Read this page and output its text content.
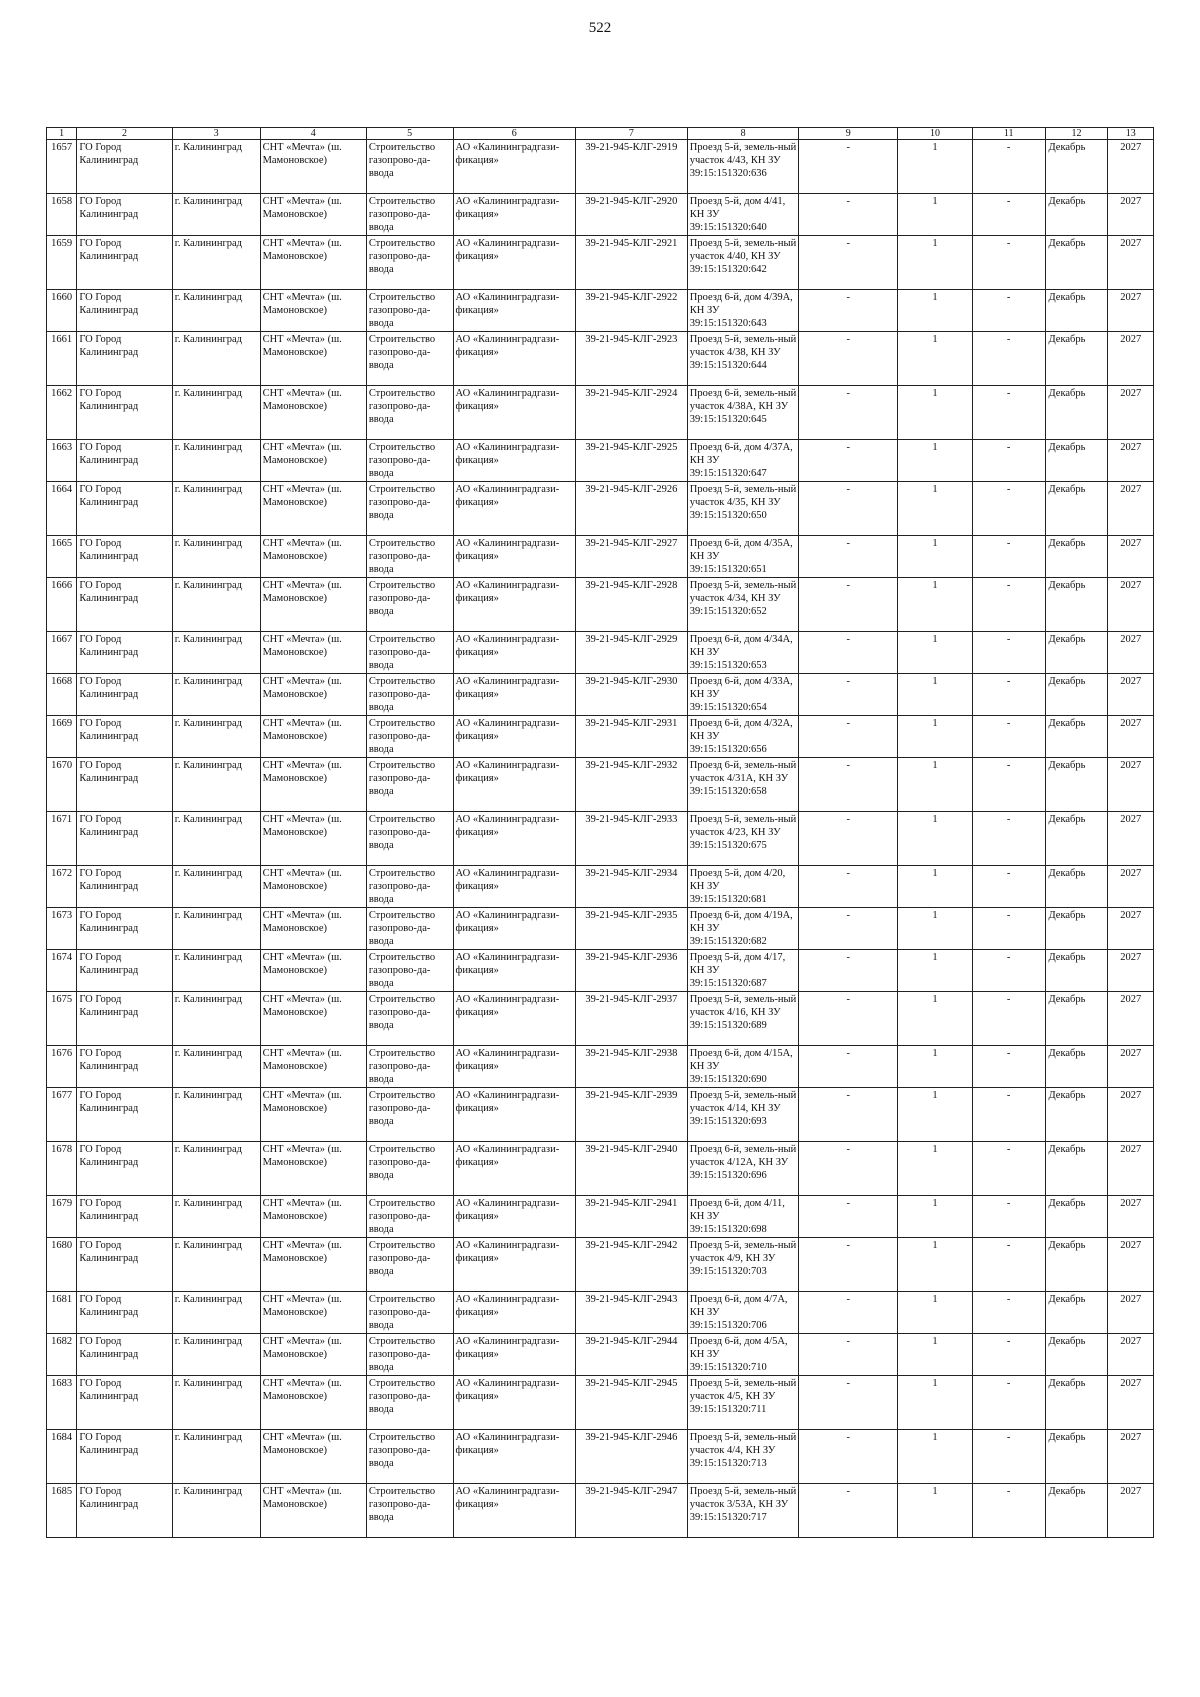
522
1	2	3	4	5	6	7	8	9	10	11	12	13
1657	ГО Город Калининград	г. Калининград	СНТ «Мечта» (ш. Мамоновское)	Строительство газопрово-да-ввода	АО «Калининградгази-фикация»	39-21-945-КЛГ-2919	Проезд 5-й, земель-ный участок 4/43, КН ЗУ 39:15:151320:636	-	1	-	Декабрь	2027
1658	ГО Город Калининград	г. Калининград	СНТ «Мечта» (ш. Мамоновское)	Строительство газопрово-да-ввода	АО «Калининградгази-фикация»	39-21-945-КЛГ-2920	Проезд 5-й, дом 4/41, КН ЗУ 39:15:151320:640	-	1	-	Декабрь	2027
1659	ГО Город Калининград	г. Калининград	СНТ «Мечта» (ш. Мамоновское)	Строительство газопрово-да-ввода	АО «Калининградгази-фикация»	39-21-945-КЛГ-2921	Проезд 5-й, земель-ный участок 4/40, КН ЗУ 39:15:151320:642	-	1	-	Декабрь	2027
1660	ГО Город Калининград	г. Калининград	СНТ «Мечта» (ш. Мамоновское)	Строительство газопрово-да-ввода	АО «Калининградгази-фикация»	39-21-945-КЛГ-2922	Проезд 6-й, дом 4/39А, КН ЗУ 39:15:151320:643	-	1	-	Декабрь	2027
1661	ГО Город Калининград	г. Калининград	СНТ «Мечта» (ш. Мамоновское)	Строительство газопрово-да-ввода	АО «Калининградгази-фикация»	39-21-945-КЛГ-2923	Проезд 5-й, земель-ный участок 4/38, КН ЗУ 39:15:151320:644	-	1	-	Декабрь	2027
1662	ГО Город Калининград	г. Калининград	СНТ «Мечта» (ш. Мамоновское)	Строительство газопрово-да-ввода	АО «Калининградгази-фикация»	39-21-945-КЛГ-2924	Проезд 6-й, земель-ный участок 4/38А, КН ЗУ 39:15:151320:645	-	1	-	Декабрь	2027
1663	ГО Город Калининград	г. Калининград	СНТ «Мечта» (ш. Мамоновское)	Строительство газопрово-да-ввода	АО «Калининградгази-фикация»	39-21-945-КЛГ-2925	Проезд 6-й, дом 4/37А, КН ЗУ 39:15:151320:647	-	1	-	Декабрь	2027
1664	ГО Город Калининград	г. Калининград	СНТ «Мечта» (ш. Мамоновское)	Строительство газопрово-да-ввода	АО «Калининградгази-фикация»	39-21-945-КЛГ-2926	Проезд 5-й, земель-ный участок 4/35, КН ЗУ 39:15:151320:650	-	1	-	Декабрь	2027
1665	ГО Город Калининград	г. Калининград	СНТ «Мечта» (ш. Мамоновское)	Строительство газопрово-да-ввода	АО «Калининградгази-фикация»	39-21-945-КЛГ-2927	Проезд 6-й, дом 4/35А, КН ЗУ 39:15:151320:651	-	1	-	Декабрь	2027
1666	ГО Город Калининград	г. Калининград	СНТ «Мечта» (ш. Мамоновское)	Строительство газопрово-да-ввода	АО «Калининградгази-фикация»	39-21-945-КЛГ-2928	Проезд 5-й, земель-ный участок 4/34, КН ЗУ 39:15:151320:652	-	1	-	Декабрь	2027
1667	ГО Город Калининград	г. Калининград	СНТ «Мечта» (ш. Мамоновское)	Строительство газопрово-да-ввода	АО «Калининградгази-фикация»	39-21-945-КЛГ-2929	Проезд 6-й, дом 4/34А, КН ЗУ 39:15:151320:653	-	1	-	Декабрь	2027
1668	ГО Город Калининград	г. Калининград	СНТ «Мечта» (ш. Мамоновское)	Строительство газопрово-да-ввода	АО «Калининградгази-фикация»	39-21-945-КЛГ-2930	Проезд 6-й, дом 4/33А, КН ЗУ 39:15:151320:654	-	1	-	Декабрь	2027
1669	ГО Город Калининград	г. Калининград	СНТ «Мечта» (ш. Мамоновское)	Строительство газопрово-да-ввода	АО «Калининградгази-фикация»	39-21-945-КЛГ-2931	Проезд 6-й, дом 4/32А, КН ЗУ 39:15:151320:656	-	1	-	Декабрь	2027
1670	ГО Город Калининград	г. Калининград	СНТ «Мечта» (ш. Мамоновское)	Строительство газопрово-да-ввода	АО «Калининградгази-фикация»	39-21-945-КЛГ-2932	Проезд 6-й, земель-ный участок 4/31А, КН ЗУ 39:15:151320:658	-	1	-	Декабрь	2027
1671	ГО Город Калининград	г. Калининград	СНТ «Мечта» (ш. Мамоновское)	Строительство газопрово-да-ввода	АО «Калининградгази-фикация»	39-21-945-КЛГ-2933	Проезд 5-й, земель-ный участок 4/23, КН ЗУ 39:15:151320:675	-	1	-	Декабрь	2027
1672	ГО Город Калининград	г. Калининград	СНТ «Мечта» (ш. Мамоновское)	Строительство газопрово-да-ввода	АО «Калининградгази-фикация»	39-21-945-КЛГ-2934	Проезд 5-й, дом 4/20, КН ЗУ 39:15:151320:681	-	1	-	Декабрь	2027
1673	ГО Город Калининград	г. Калининград	СНТ «Мечта» (ш. Мамоновское)	Строительство газопрово-да-ввода	АО «Калининградгази-фикация»	39-21-945-КЛГ-2935	Проезд 6-й, дом 4/19А, КН ЗУ 39:15:151320:682	-	1	-	Декабрь	2027
1674	ГО Город Калининград	г. Калининград	СНТ «Мечта» (ш. Мамоновское)	Строительство газопрово-да-ввода	АО «Калининградгази-фикация»	39-21-945-КЛГ-2936	Проезд 5-й, дом 4/17, КН ЗУ 39:15:151320:687	-	1	-	Декабрь	2027
1675	ГО Город Калининград	г. Калининград	СНТ «Мечта» (ш. Мамоновское)	Строительство газопрово-да-ввода	АО «Калининградгази-фикация»	39-21-945-КЛГ-2937	Проезд 5-й, земель-ный участок 4/16, КН ЗУ 39:15:151320:689	-	1	-	Декабрь	2027
1676	ГО Город Калининград	г. Калининград	СНТ «Мечта» (ш. Мамоновское)	Строительство газопрово-да-ввода	АО «Калининградгази-фикация»	39-21-945-КЛГ-2938	Проезд 6-й, дом 4/15А, КН ЗУ 39:15:151320:690	-	1	-	Декабрь	2027
1677	ГО Город Калининград	г. Калининград	СНТ «Мечта» (ш. Мамоновское)	Строительство газопрово-да-ввода	АО «Калининградгази-фикация»	39-21-945-КЛГ-2939	Проезд 5-й, земель-ный участок 4/14, КН ЗУ 39:15:151320:693	-	1	-	Декабрь	2027
1678	ГО Город Калининград	г. Калининград	СНТ «Мечта» (ш. Мамоновское)	Строительство газопрово-да-ввода	АО «Калининградгази-фикация»	39-21-945-КЛГ-2940	Проезд 6-й, земель-ный участок 4/12А, КН ЗУ 39:15:151320:696	-	1	-	Декабрь	2027
1679	ГО Город Калининград	г. Калининград	СНТ «Мечта» (ш. Мамоновское)	Строительство газопрово-да-ввода	АО «Калининградгази-фикация»	39-21-945-КЛГ-2941	Проезд 6-й, дом 4/11, КН ЗУ 39:15:151320:698	-	1	-	Декабрь	2027
1680	ГО Город Калининград	г. Калининград	СНТ «Мечта» (ш. Мамоновское)	Строительство газопрово-да-ввода	АО «Калининградгази-фикация»	39-21-945-КЛГ-2942	Проезд 5-й, земель-ный участок 4/9, КН ЗУ 39:15:151320:703	-	1	-	Декабрь	2027
1681	ГО Город Калининград	г. Калининград	СНТ «Мечта» (ш. Мамоновское)	Строительство газопрово-да-ввода	АО «Калининградгази-фикация»	39-21-945-КЛГ-2943	Проезд 6-й, дом 4/7А, КН ЗУ 39:15:151320:706	-	1	-	Декабрь	2027
1682	ГО Город Калининград	г. Калининград	СНТ «Мечта» (ш. Мамоновское)	Строительство газопрово-да-ввода	АО «Калининградгази-фикация»	39-21-945-КЛГ-2944	Проезд 6-й, дом 4/5А, КН ЗУ 39:15:151320:710	-	1	-	Декабрь	2027
1683	ГО Город Калининград	г. Калининград	СНТ «Мечта» (ш. Мамоновское)	Строительство газопрово-да-ввода	АО «Калининградгази-фикация»	39-21-945-КЛГ-2945	Проезд 5-й, земель-ный участок 4/5, КН ЗУ 39:15:151320:711	-	1	-	Декабрь	2027
1684	ГО Город Калининград	г. Калининград	СНТ «Мечта» (ш. Мамоновское)	Строительство газопрово-да-ввода	АО «Калининградгази-фикация»	39-21-945-КЛГ-2946	Проезд 5-й, земель-ный участок 4/4, КН ЗУ 39:15:151320:713	-	1	-	Декабрь	2027
1685	ГО Город Калининград	г. Калининград	СНТ «Мечта» (ш. Мамоновское)	Строительство газопрово-да-ввода	АО «Калининградгази-фикация»	39-21-945-КЛГ-2947	Проезд 5-й, земель-ный участок 3/53А, КН ЗУ 39:15:151320:717	-	1	-	Декабрь	2027
